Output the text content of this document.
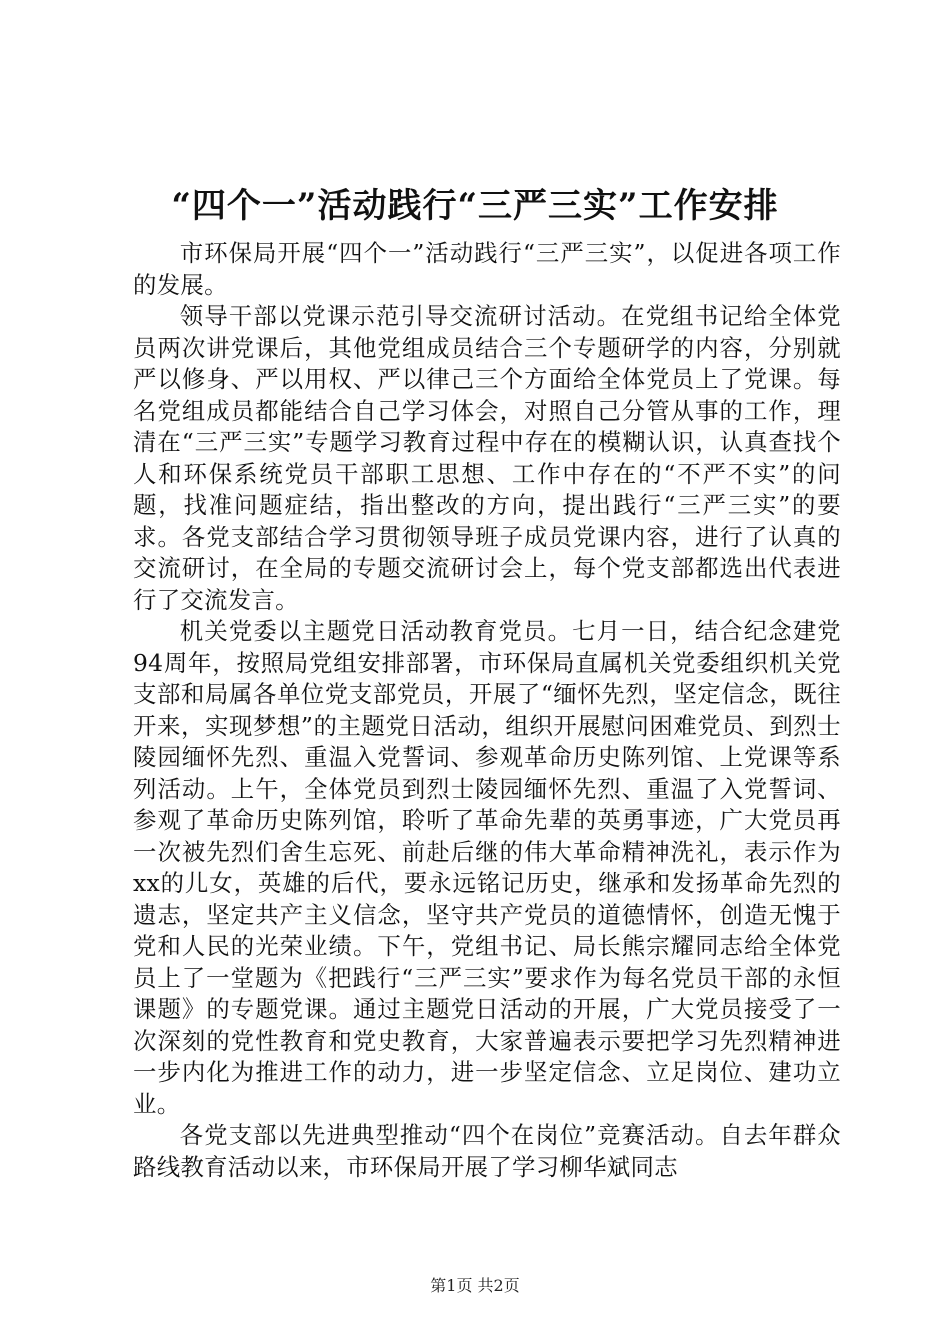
“四个一”活动践行“三严三实”工作安排

市环保局开展“四个一”活动践行“三严三实”，以促进各项工作的发展。

领导干部以党课示范引导交流研讨活动。在党组书记给全体党员两次讲党课后，其他党组成员结合三个专题研学的内容，分别就严以修身、严以用权、严以律己三个方面给全体党员上了党课。每名党组成员都能结合自己学习体会，对照自己分管从事的工作，理清在“三严三实”专题学习教育过程中存在的模糊认识，认真查找个人和环保系统党员干部职工思想、工作中存在的“不严不实”的问题，找准问题症结，指出整改的方向，提出践行“三严三实”的要求。各党支部结合学习贯彻领导班子成员党课内容，进行了认真的交流研讨，在全局的专题交流研讨会上，每个党支部都选出代表进行了交流发言。

机关党委以主题党日活动教育党员。七月一日，结合纪念建党94周年，按照局党组安排部署，市环保局直属机关党委组织机关党支部和局属各单位党支部党员，开展了“缅怀先烈，坚定信念，既往开来，实现梦想”的主题党日活动，组织开展慰问困难党员、到烈士陵园缅怀先烈、重温入党誓词、参观革命历史陈列馆、上党课等系列活动。上午，全体党员到烈士陵园缅怀先烈、重温了入党誓词、参观了革命历史陈列馆，聆听了革命先辈的英勇事迹，广大党员再一次被先烈们舍生忘死、前赴后继的伟大革命精神洗礼，表示作为xx的儿女，英雄的后代，要永远铭记历史，继承和发扬革命先烈的遗志，坚定共产主义信念，坚守共产党员的道德情怀，创造无愧于党和人民的光荣业绩。下午，党组书记、局长熊宗耀同志给全体党员上了一堂题为《把践行“三严三实”要求作为每名党员干部的永恒课题》的专题党课。通过主题党日活动的开展，广大党员接受了一次深刻的党性教育和党史教育，大家普遍表示要把学习先烈精神进一步内化为推进工作的动力，进一步坚定信念、立足岗位、建功立业。

各党支部以先进典型推动“四个在岗位”竞赛活动。自去年群众路线教育活动以来，市环保局开展了学习柳华斌同志

第1页 共2页
